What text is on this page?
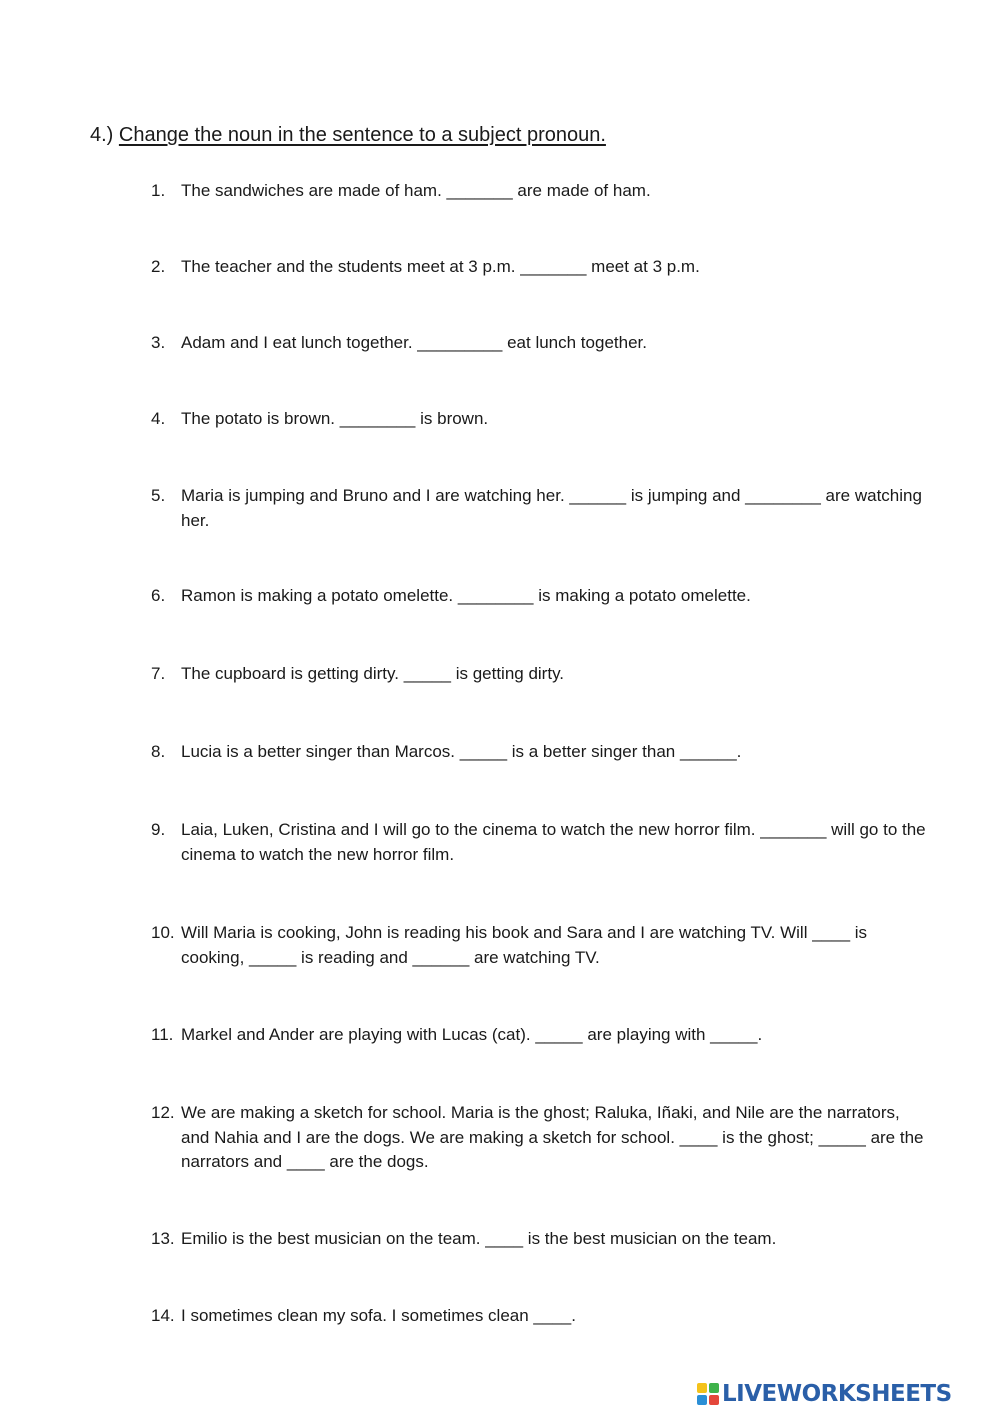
4.) Change the noun in the sentence to a subject pronoun.
1. The sandwiches are made of ham. _______ are made of ham.
2. The teacher and the students meet at 3 p.m. _______ meet at 3 p.m.
3. Adam and I eat lunch together. _________ eat lunch together.
4. The potato is brown. ________ is brown.
5. Maria is jumping and Bruno and I are watching her. ______ is jumping and ________ are watching her.
6. Ramon is making a potato omelette. ________ is making a potato omelette.
7. The cupboard is getting dirty. _____ is getting dirty.
8. Lucia is a better singer than Marcos. _____ is a better singer than ______.
9. Laia, Luken, Cristina and I will go to the cinema to watch the new horror film. _______ will go to the cinema to watch the new horror film.
10. Will Maria is cooking, John is reading his book and Sara and I are watching TV. Will ____ is cooking, _____ is reading and ______ are watching TV.
11. Markel and Ander are playing with Lucas (cat). _____ are playing with _____.
12. We are making a sketch for school. Maria is the ghost; Raluka, Iñaki, and Nile are the narrators, and Nahia and I are the dogs. We are making a sketch for school. ____ is the ghost; _____ are the narrators and ____ are the dogs.
13. Emilio is the best musician on the team. ____ is the best musician on the team.
14. I sometimes clean my sofa. I sometimes clean ____.
LIVEWORKSHEETS
